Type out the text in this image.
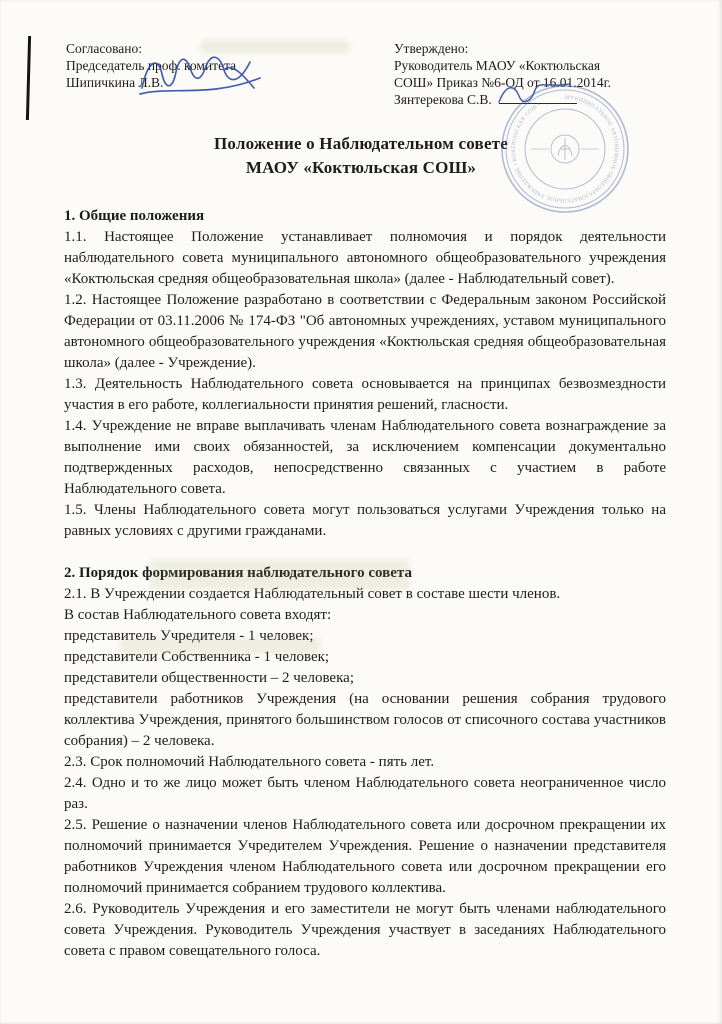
Согласовано:
Председатель проф. комитета
Шипичкина Л.В.
Утверждено:
Руководитель МАОУ «Коктюльская
СОШ» Приказ №6-ОД от 16.01.2014г.
Зянтерекова С.В.	МУНИЦИПАЛЬНОЕ АВТОНОМНОЕ ОБЩЕОБРАЗОВАТЕЛЬНОЕ УЧРЕЖДЕНИЕ • КОКТЮЛЬСКАЯ СОШ •
Положение о Наблюдательном совете
МАОУ «Коктюльская СОШ»
1. Общие положения

1.1. Настоящее Положение устанавливает полномочия и порядок деятельности наблюдательного совета муниципального автономного общеобразовательного учреждения «Коктюльская средняя общеобразовательная школа» (далее - Наблюдательный совет).

1.2. Настоящее Положение разработано в соответствии с Федеральным законом Российской Федерации от 03.11.2006 № 174-ФЗ "Об автономных учреждениях, уставом муниципального автономного общеобразовательного учреждения «Коктюльская средняя общеобразовательная школа» (далее - Учреждение).

1.3. Деятельность Наблюдательного совета основывается на принципах безвозмездности участия в его работе, коллегиальности принятия решений, гласности.

1.4. Учреждение не вправе выплачивать членам Наблюдательного совета вознаграждение за выполнение ими своих обязанностей, за исключением компенсации документально подтвержденных расходов, непосредственно связанных с участием в работе Наблюдательного совета.

1.5. Члены Наблюдательного совета могут пользоваться услугами Учреждения только на равных условиях с другими гражданами.

2. Порядок формирования наблюдательного совета

2.1. В Учреждении создается Наблюдательный совет в составе шести членов.

В состав Наблюдательного совета входят:

представитель Учредителя - 1 человек;

представители Собственника - 1 человек;

представители общественности – 2 человека;

представители работников Учреждения (на основании решения собрания трудового коллектива Учреждения, принятого большинством голосов от списочного состава участников собрания) – 2 человека.

2.3. Срок полномочий Наблюдательного совета - пять лет.

2.4. Одно и то же лицо может быть членом Наблюдательного совета неограниченное число раз.

2.5. Решение о назначении членов Наблюдательного совета или досрочном прекращении их полномочий принимается Учредителем Учреждения. Решение о назначении представителя работников Учреждения членом Наблюдательного совета или досрочном прекращении его полномочий принимается собранием трудового коллектива.

2.6. Руководитель Учреждения и его заместители не могут быть членами наблюдательного совета Учреждения. Руководитель Учреждения участвует в заседаниях Наблюдательного совета с правом совещательного голоса.
